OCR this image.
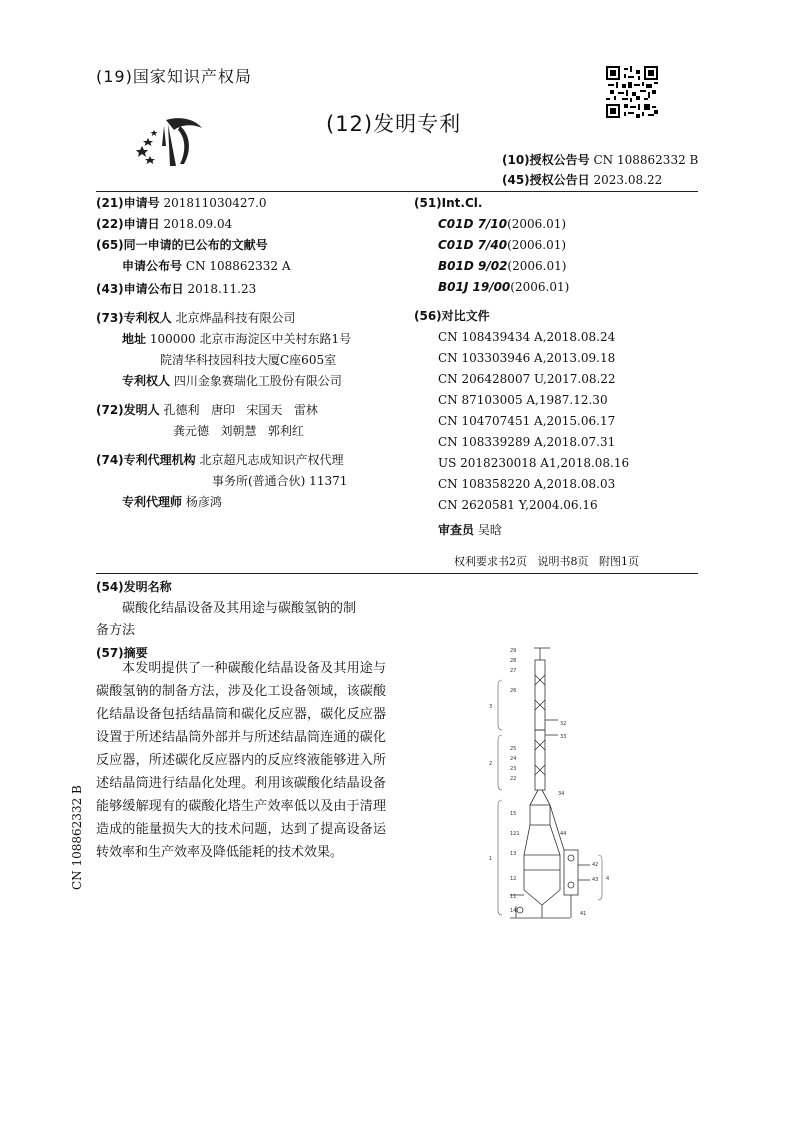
(19)国家知识产权局
(12)发明专利
(10)授权公告号 CN 108862332 B
(45)授权公告日 2023.08.22
(21)申请号 201811030427.0
(22)申请日 2018.09.04
(65)同一申请的已公布的文献号
申请公布号 CN 108862332 A
(43)申请公布日 2018.11.23
(73)专利权人 北京烨晶科技有限公司
地址 100000 北京市海淀区中关村东路1号
院清华科技园科技大厦C座605室
专利权人 四川金象赛瑞化工股份有限公司
(72)发明人 孔德利   唐印   宋国天   雷林
龚元德   刘朝慧   郭利红
(74)专利代理机构 北京超凡志成知识产权代理
事务所(普通合伙) 11371
专利代理师 杨彦鸿
(51)Int.Cl.
C01D 7/10(2006.01)
C01D 7/40(2006.01)
B01D 9/02(2006.01)
B01J 19/00(2006.01)
(56)对比文件
CN 108439434 A,2018.08.24
CN 103303946 A,2013.09.18
CN 206428007 U,2017.08.22
CN 87103005 A,1987.12.30
CN 104707451 A,2015.06.17
CN 108339289 A,2018.07.31
US 2018230018 A1,2018.08.16
CN 108358220 A,2018.08.03
CN 2620581 Y,2004.06.16
审查员 吴晗
权利要求书2页   说明书8页   附图1页
(54)发明名称
碳酸化结晶设备及其用途与碳酸氢钠的制
备方法
(57)摘要
本发明提供了一种碳酸化结晶设备及其用途与碳酸氢钠的制备方法，涉及化工设备领域，该碳酸化结晶设备包括结晶筒和碳化反应器，碳化反应器设置于所述结晶筒外部并与所述结晶筒连通的碳化反应器，所述碳化反应器内的反应终液能够进入所述结晶筒进行结晶化处理。利用该碳酸化结晶设备能够缓解现有的碳酸化塔生产效率低以及由于清理造成的能量损失大的技术问题，达到了提高设备运转效率和生产效率及降低能耗的技术效果。
3
2
1
4
29
28
27
26
25
24
23
22
15
121
13
12
11
14
32
33
34
44
42
43
41
CN 108862332 B
